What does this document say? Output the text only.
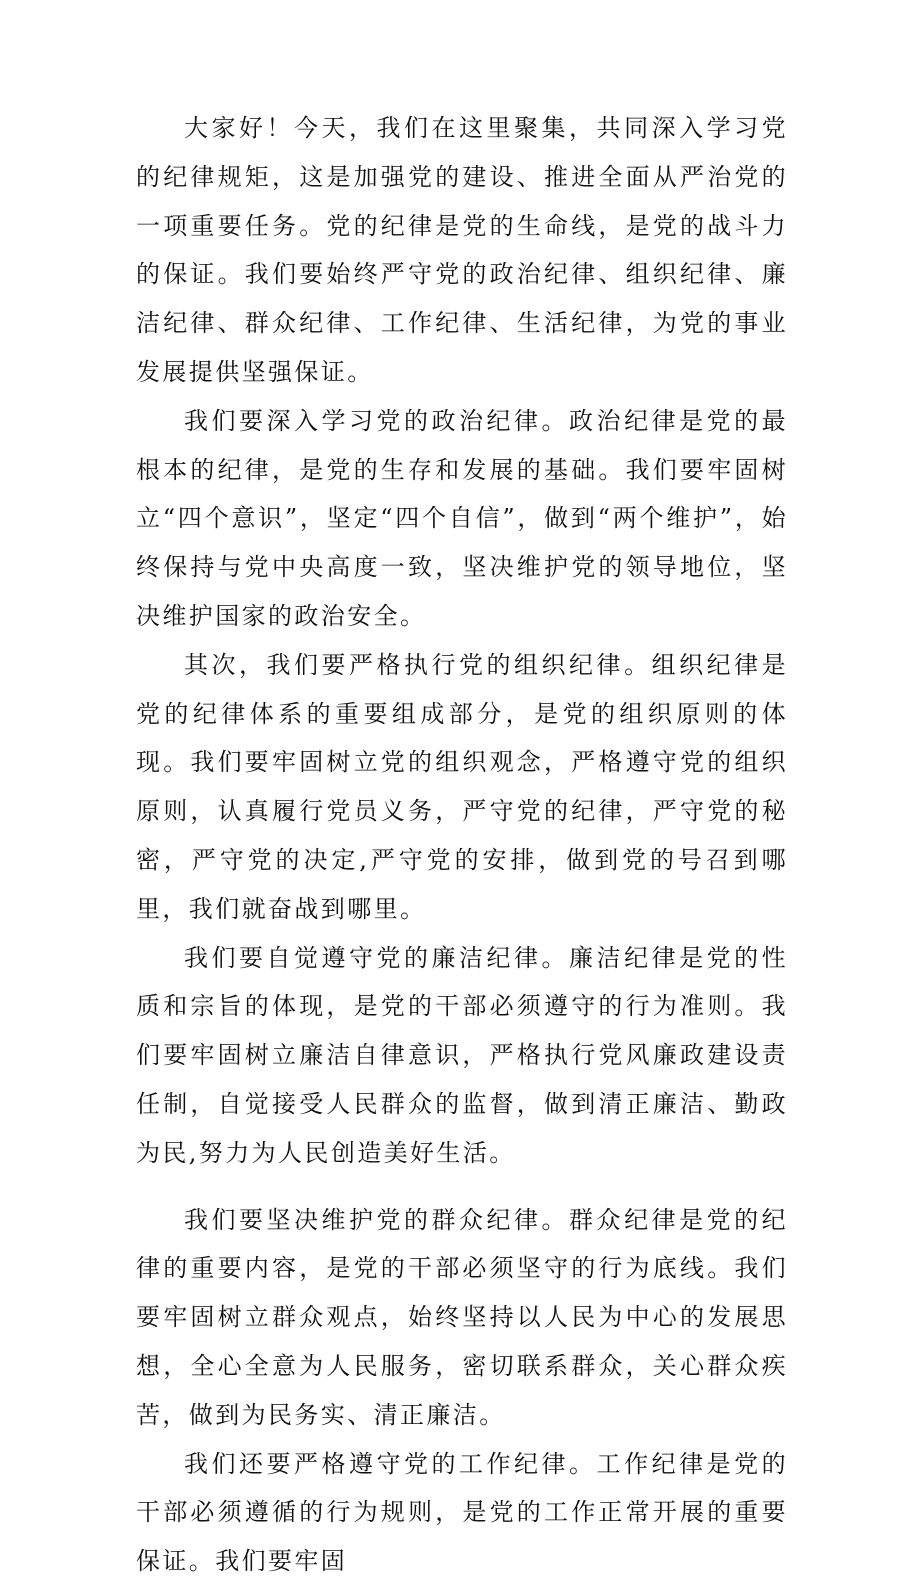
大家好！今天，我们在这里聚集，共同深入学习党的纪律规矩，这是加强党的建设、推进全面从严治党的一项重要任务。党的纪律是党的生命线，是党的战斗力的保证。我们要始终严守党的政治纪律、组织纪律、廉洁纪律、群众纪律、工作纪律、生活纪律，为党的事业发展提供坚强保证。

我们要深入学习党的政治纪律。政治纪律是党的最根本的纪律，是党的生存和发展的基础。我们要牢固树立“四个意识”，坚定“四个自信”，做到“两个维护”，始终保持与党中央高度一致，坚决维护党的领导地位，坚决维护国家的政治安全。

其次，我们要严格执行党的组织纪律。组织纪律是党的纪律体系的重要组成部分，是党的组织原则的体现。我们要牢固树立党的组织观念，严格遵守党的组织原则，认真履行党员义务，严守党的纪律，严守党的秘密，严守党的决定,严守党的安排，做到党的号召到哪里，我们就奋战到哪里。

我们要自觉遵守党的廉洁纪律。廉洁纪律是党的性质和宗旨的体现，是党的干部必须遵守的行为准则。我们要牢固树立廉洁自律意识，严格执行党风廉政建设责任制，自觉接受人民群众的监督，做到清正廉洁、勤政为民,努力为人民创造美好生活。

我们要坚决维护党的群众纪律。群众纪律是党的纪律的重要内容，是党的干部必须坚守的行为底线。我们要牢固树立群众观点，始终坚持以人民为中心的发展思想，全心全意为人民服务，密切联系群众，关心群众疾苦，做到为民务实、清正廉洁。

我们还要严格遵守党的工作纪律。工作纪律是党的干部必须遵循的行为规则，是党的工作正常开展的重要保证。我们要牢固
